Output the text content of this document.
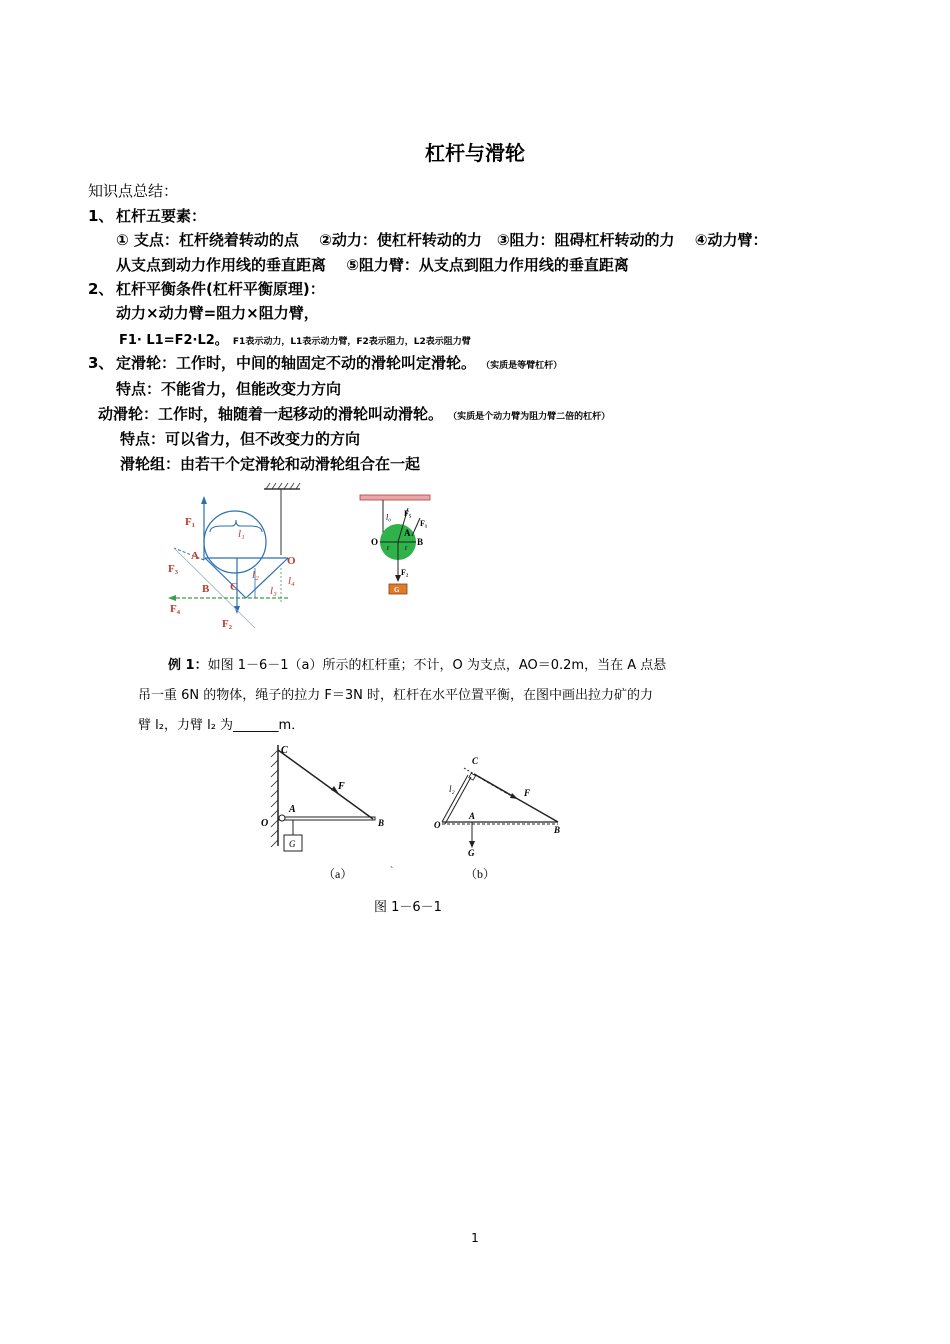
杠杆与滑轮
知识点总结：
1、 杠杆五要素：
① 支点：杠杆绕着转动的点　 ②动力：使杠杆转动的力　③阻力：阻碍杠杆转动的力　 ④动力臂：
从支点到动力作用线的垂直距离　 ⑤阻力臂：从支点到阻力作用线的垂直距离
2、 杠杆平衡条件(杠杆平衡原理)：
动力×动力臂=阻力×阻力臂，
F1· L1=F2·L2。 F1表示动力，L1表示动力臂，F2表示阻力，L2表示阻力臂
3、 定滑轮：工作时，中间的轴固定不动的滑轮叫定滑轮。 （实质是等臂杠杆）
特点：不能省力，但能改变力方向
动滑轮：工作时，轴随着一起移动的滑轮叫动滑轮。 （实质是个动力臂为阻力臂二倍的杠杆）
特点：可以省力，但不改变力的方向
滑轮组：由若干个定滑轮和动滑轮组合在一起
F₁
A
l₁
O
F₃	l₂	l₄
B C	l₃
F₄
F₂
F₅
l₀
F₁
A
O	B
r r
F₂
G
例 1：如图 1－6－1（a）所示的杠杆重；不计，O 为支点，AO＝0.2m，当在 A 点悬
吊一重 6N 的物体，绳子的拉力 F＝3N 时，杠杆在水平位置平衡，在图中画出拉力矿的力
臂 l₂，力臂 l₂ 为_______m．
C
F
A
O	B
G
（a）
C
l₂	F
A
O	B
G
（b）
`
图 1－6－1
1
